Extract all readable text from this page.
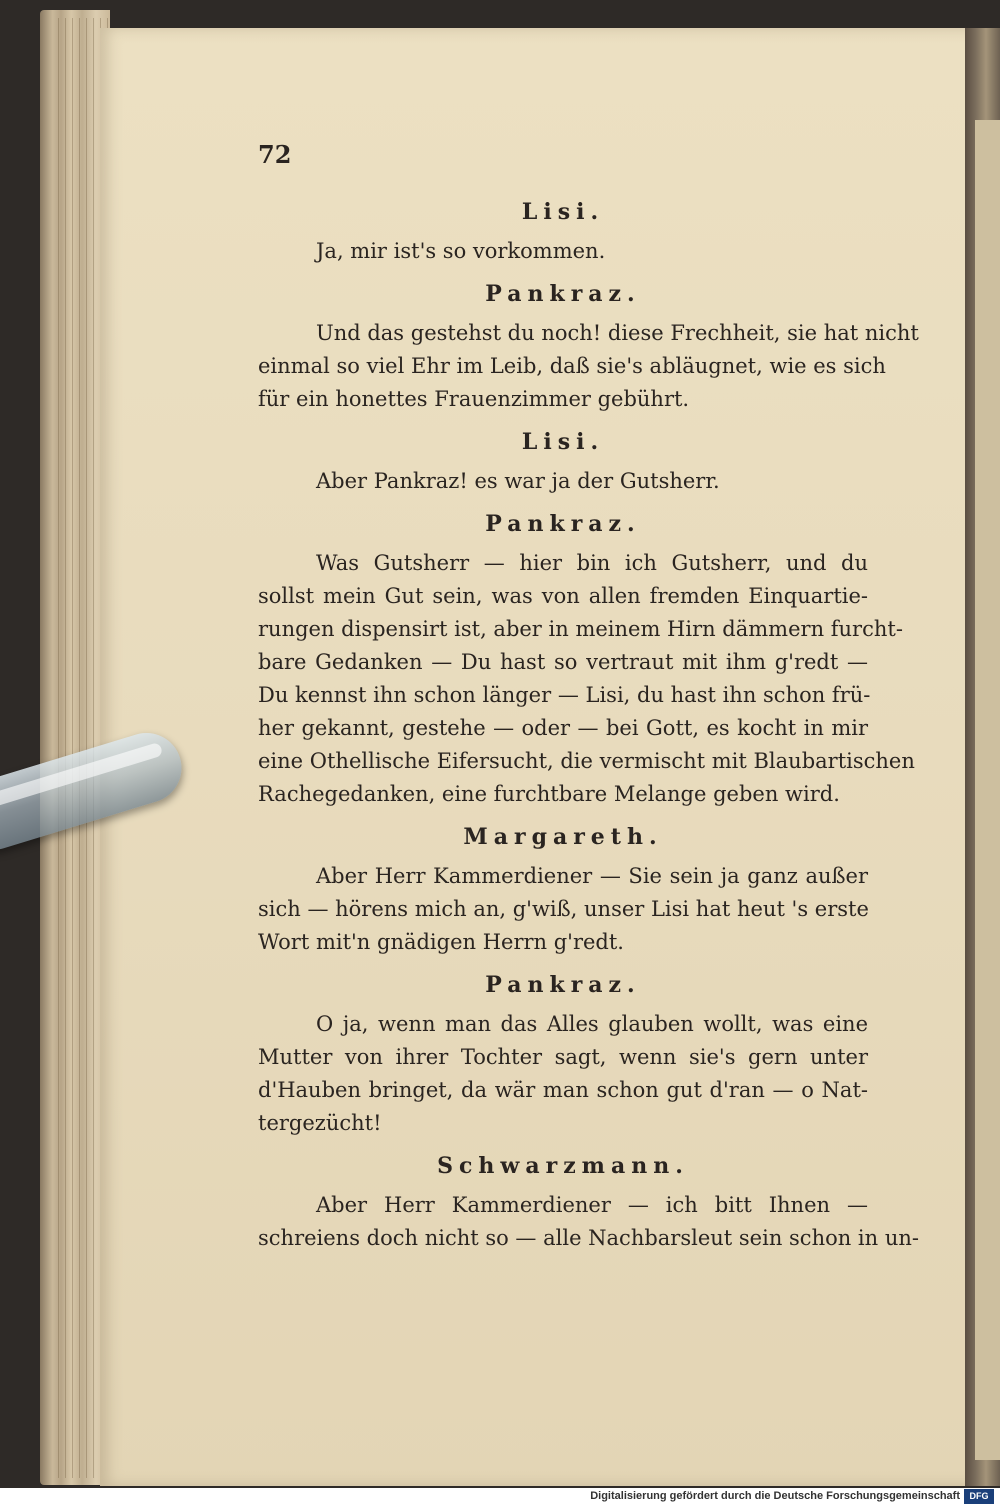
72
Lisi.
Ja, mir ist's so vorkommen.
Pankraz.
Und das gestehst du noch! diese Frechheit, sie hat nicht
einmal so viel Ehr im Leib, daß sie's abläugnet, wie es sich
für ein honettes Frauenzimmer gebührt.
Lisi.
Aber Pankraz! es war ja der Gutsherr.
Pankraz.
Was Gutsherr — hier bin ich Gutsherr, und du
sollst mein Gut sein, was von allen fremden Einquartie-
rungen dispensirt ist, aber in meinem Hirn dämmern furcht-
bare Gedanken — Du hast so vertraut mit ihm g'redt —
Du kennst ihn schon länger — Lisi, du hast ihn schon frü-
her gekannt, gestehe — oder — bei Gott, es kocht in mir
eine Othellische Eifersucht, die vermischt mit Blaubartischen
Rachegedanken, eine furchtbare Melange geben wird.
Margareth.
Aber Herr Kammerdiener — Sie sein ja ganz außer
sich — hörens mich an, g'wiß, unser Lisi hat heut 's erste
Wort mit'n gnädigen Herrn g'redt.
Pankraz.
O ja, wenn man das Alles glauben wollt, was eine
Mutter von ihrer Tochter sagt, wenn sie's gern unter
d'Hauben bringet, da wär man schon gut d'ran — o Nat-
tergezücht!
Schwarzmann.
Aber Herr Kammerdiener — ich bitt Ihnen —
schreiens doch nicht so — alle Nachbarsleut sein schon in un-
Digitalisierung gefördert durch die Deutsche Forschungsgemeinschaft	DFG
